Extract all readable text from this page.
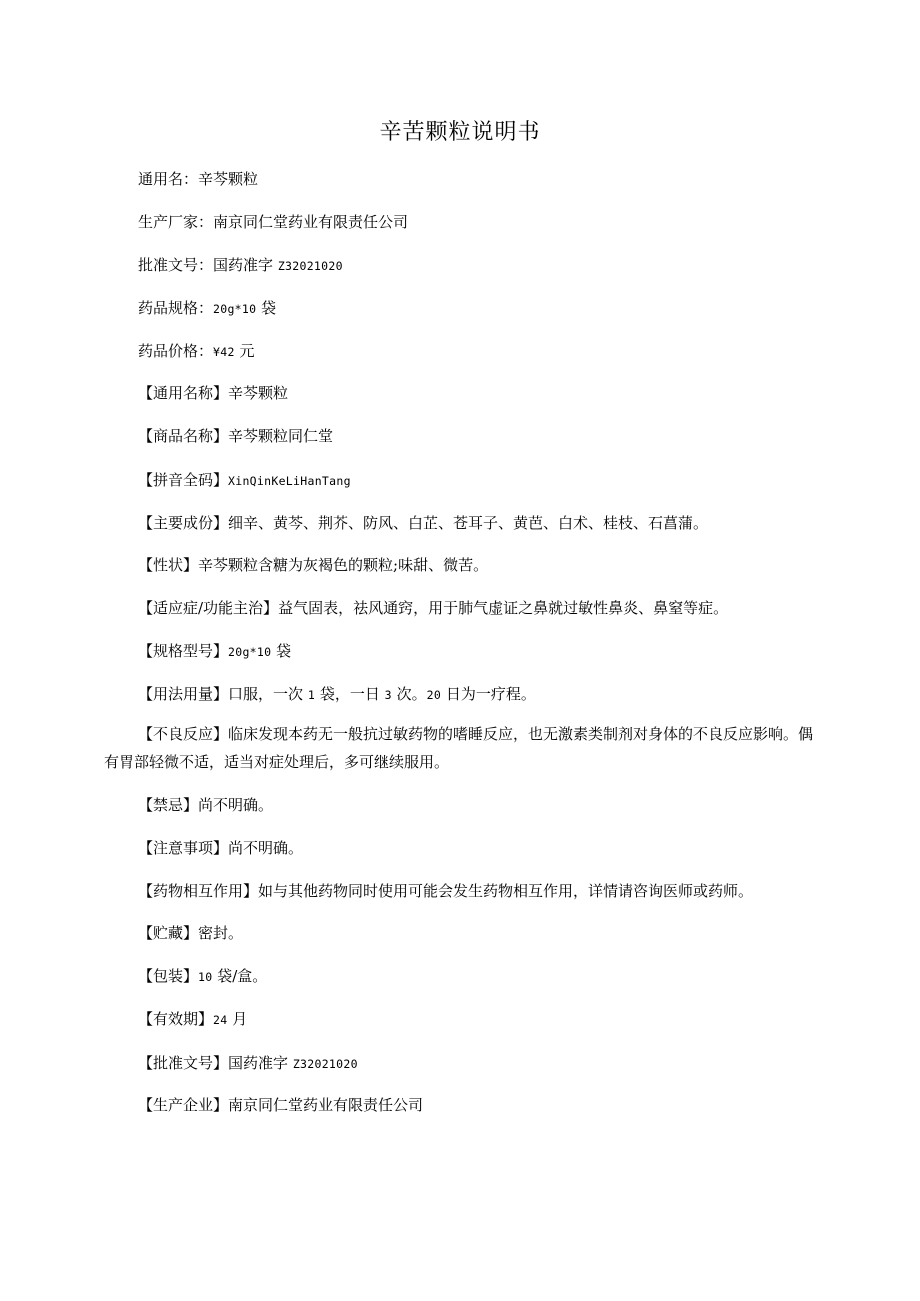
辛苦颗粒说明书
通用名：辛芩颗粒
生产厂家：南京同仁堂药业有限责任公司
批准文号：国药准字 Z32021020
药品规格：20g*10 袋
药品价格：¥42 元
【通用名称】辛芩颗粒
【商品名称】辛芩颗粒同仁堂
【拼音全码】XinQinKeLiHanTang
【主要成份】细辛、黄芩、荆芥、防风、白芷、苍耳子、黄芭、白术、桂枝、石菖蒲。
【性状】辛芩颗粒含糖为灰褐色的颗粒;味甜、微苦。
【适应症/功能主治】益气固表，祛风通窍，用于肺气虚证之鼻就过敏性鼻炎、鼻窒等症。
【规格型号】20g*10 袋
【用法用量】口服，一次 1 袋，一日 3 次。20 日为一疗程。
【不良反应】临床发现本药无一般抗过敏药物的嗜睡反应，也无激素类制剂对身体的不良反应影响。偶有胃部轻微不适，适当对症处理后，多可继续服用。
【禁忌】尚不明确。
【注意事项】尚不明确。
【药物相互作用】如与其他药物同时使用可能会发生药物相互作用，详情请咨询医师或药师。
【贮藏】密封。
【包装】10 袋/盒。
【有效期】24 月
【批准文号】国药准字 Z32021020
【生产企业】南京同仁堂药业有限责任公司
